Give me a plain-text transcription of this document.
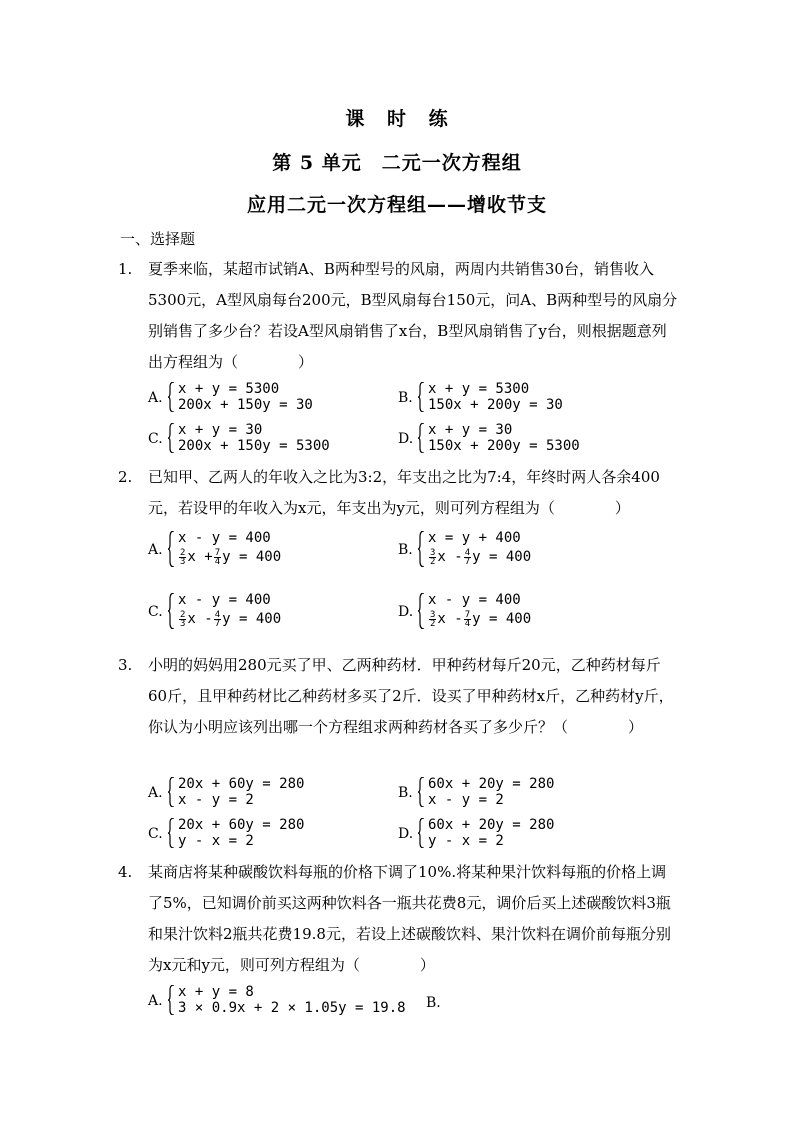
课 时 练
第 5 单元　二元一次方程组
应用二元一次方程组——增收节支
一、选择题
1.	夏季来临，某超市试销A、B两种型号的风扇，两周内共销售30台，销售收入5300元，A型风扇每台200元，B型风扇每台150元，问A、B两种型号的风扇分别销售了多少台？若设A型风扇销售了x台，B型风扇销售了y台，则根据题意列出方程组为（　　　　）
A.
x + y = 5300
200x + 150y = 30	B.
x + y = 5300
150x + 200y = 30
C.
x + y = 30
200x + 150y = 5300	D.
x + y = 30
150x + 200y = 5300
2.	已知甲、乙两人的年收入之比为3:2，年支出之比为7:4，年终时两人各余400元，若设甲的年收入为x元，年支出为y元，则可列方程组为（　　　　）
A.
x - y = 400
$\frac{2}{3}$ $x + \frac{7}{4}$ y = 400	B.
x = y + 400
$\frac{3}{2}$ x - $\frac{4}{7}$ y = 400
C.
x - y = 400
$\frac{2}{3}$ x - $\frac{4}{7}$ y = 400	D.
x - y = 400
$\frac{3}{2}$ x - $\frac{7}{4}$ y = 400
3.	小明的妈妈用280元买了甲、乙两种药材．甲种药材每斤20元，乙种药材每斤60斤，且甲种药材比乙种药材多买了2斤．设买了甲种药材x斤，乙种药材y斤，你认为小明应该列出哪一个方程组求两种药材各买了多少斤？（　　　　）
A.
20x + 60y = 280
x - y = 2	B.
60x + 20y = 280
x - y = 2
C.
20x + 60y = 280
y - x = 2	D.
60x + 20y = 280
y - x = 2
4.	某商店将某种碳酸饮料每瓶的价格下调了10%.将某种果汁饮料每瓶的价格上调了5%，已知调价前买这两种饮料各一瓶共花费8元，调价后买上述碳酸饮料3瓶和果汁饮料2瓶共花费19.8元，若设上述碳酸饮料、果汁饮料在调价前每瓶分别为x元和y元，则可列方程组为（　　　　）
A.
x + y = 8
3 × 0.9x + 2 × 1.05y = 19.8 B.
